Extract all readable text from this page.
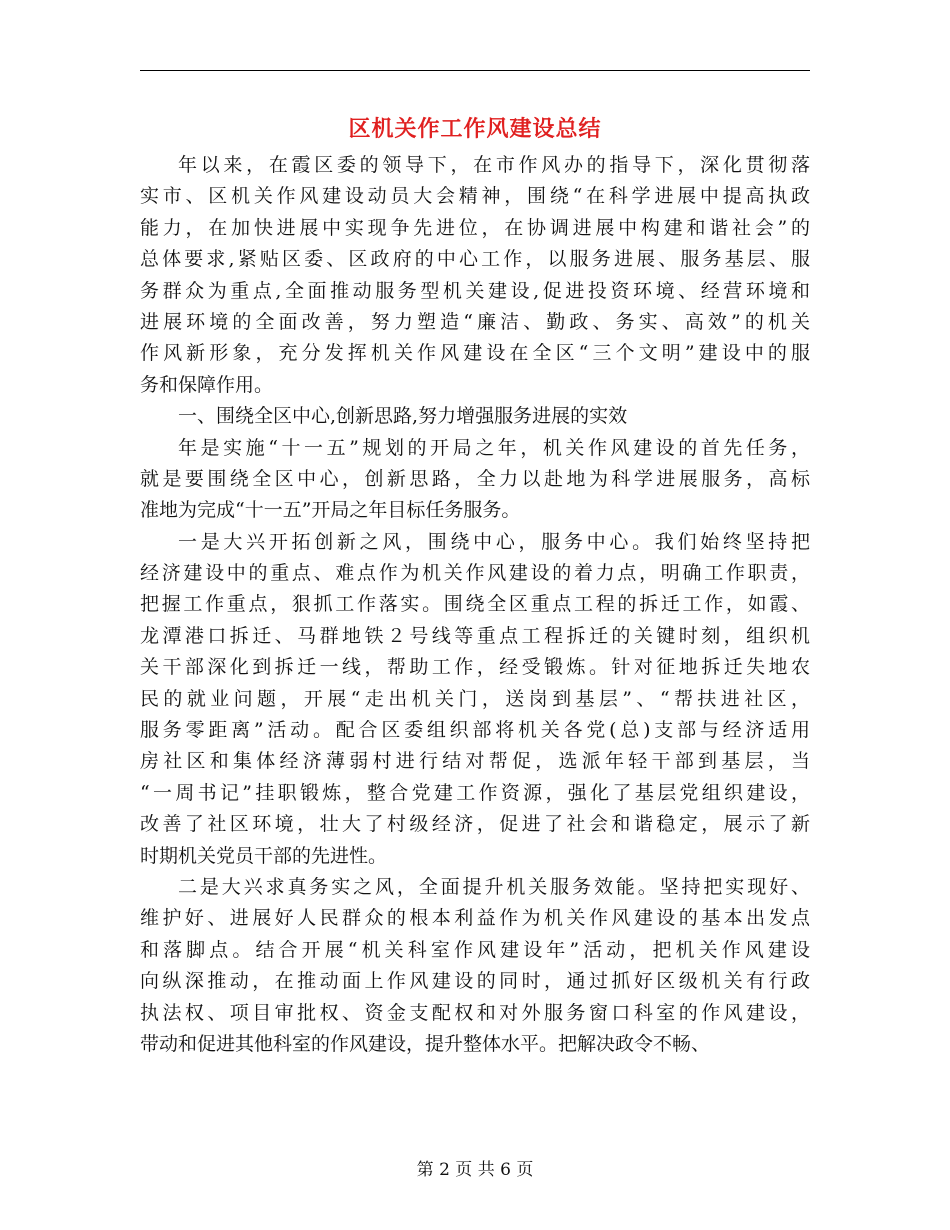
区机关作工作风建设总结
年以来，在霞区委的领导下，在市作风办的指导下，深化贯彻落
实市、区机关作风建设动员大会精神，围绕“在科学进展中提高执政
能力，在加快进展中实现争先进位，在协调进展中构建和谐社会”的
总体要求,紧贴区委、区政府的中心工作，以服务进展、服务基层、服
务群众为重点,全面推动服务型机关建设,促进投资环境、经营环境和
进展环境的全面改善，努力塑造“廉洁、勤政、务实、高效”的机关
作风新形象，充分发挥机关作风建设在全区“三个文明”建设中的服
务和保障作用。
一、围绕全区中心,创新思路,努力增强服务进展的实效
年是实施“十一五”规划的开局之年，机关作风建设的首先任务，
就是要围绕全区中心，创新思路，全力以赴地为科学进展服务，高标
准地为完成“十一五”开局之年目标任务服务。
一是大兴开拓创新之风，围绕中心，服务中心。我们始终坚持把
经济建设中的重点、难点作为机关作风建设的着力点，明确工作职责，
把握工作重点，狠抓工作落实。围绕全区重点工程的拆迁工作，如霞、
龙潭港口拆迁、马群地铁２号线等重点工程拆迁的关键时刻，组织机
关干部深化到拆迁一线，帮助工作，经受锻炼。针对征地拆迁失地农
民的就业问题，开展“走出机关门，送岗到基层”、“帮扶进社区，
服务零距离”活动。配合区委组织部将机关各党(总)支部与经济适用
房社区和集体经济薄弱村进行结对帮促，选派年轻干部到基层，当
“一周书记”挂职锻炼，整合党建工作资源，强化了基层党组织建设，
改善了社区环境，壮大了村级经济，促进了社会和谐稳定，展示了新
时期机关党员干部的先进性。
二是大兴求真务实之风，全面提升机关服务效能。坚持把实现好、
维护好、进展好人民群众的根本利益作为机关作风建设的基本出发点
和落脚点。结合开展“机关科室作风建设年”活动，把机关作风建设
向纵深推动，在推动面上作风建设的同时，通过抓好区级机关有行政
执法权、项目审批权、资金支配权和对外服务窗口科室的作风建设，
带动和促进其他科室的作风建设，提升整体水平。把解决政令不畅、
第 2 页 共 6 页
